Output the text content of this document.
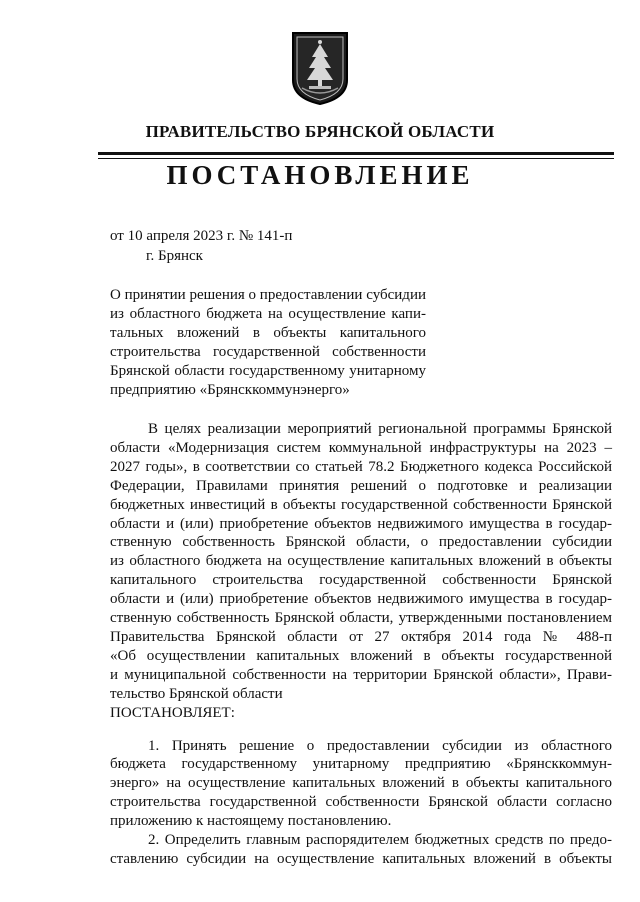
ПРАВИТЕЛЬСТВО БРЯНСКОЙ ОБЛАСТИ
ПОСТАНОВЛЕНИЕ
от 10 апреля 2023 г. № 141-п
г. Брянск
О принятии решения о предоставлении субсидии
из областного бюджета на осуществление капи-
тальных вложений в объекты капитального
строительства государственной собственности
Брянской области государственному унитарному
предприятию «Брянсккоммунэнерго»
В целях реализации мероприятий региональной программы Брянской
области «Модернизация систем коммунальной инфраструктуры на 2023 –
2027 годы», в соответствии со статьей 78.2 Бюджетного кодекса Российской
Федерации, Правилами принятия решений о подготовке и реализации
бюджетных инвестиций в объекты государственной собственности Брянской
области и (или) приобретение объектов недвижимого имущества в государ-
ственную собственность Брянской области, о предоставлении субсидии
из областного бюджета на осуществление капитальных вложений в объекты
капитального строительства государственной собственности Брянской
области и (или) приобретение объектов недвижимого имущества в государ-
ственную собственность Брянской области, утвержденными постановлением
Правительства Брянской области от 27 октября 2014 года № 488-п
«Об осуществлении капитальных вложений в объекты государственной
и муниципальной собственности на территории Брянской области», Прави-
тельство Брянской области
ПОСТАНОВЛЯЕТ:
1. Принять решение о предоставлении субсидии из областного
бюджета государственному унитарному предприятию «Брянсккоммун-
энерго» на осуществление капитальных вложений в объекты капитального
строительства государственной собственности Брянской области согласно
приложению к настоящему постановлению.
2. Определить главным распорядителем бюджетных средств по предо-
ставлению субсидии на осуществление капитальных вложений в объекты
